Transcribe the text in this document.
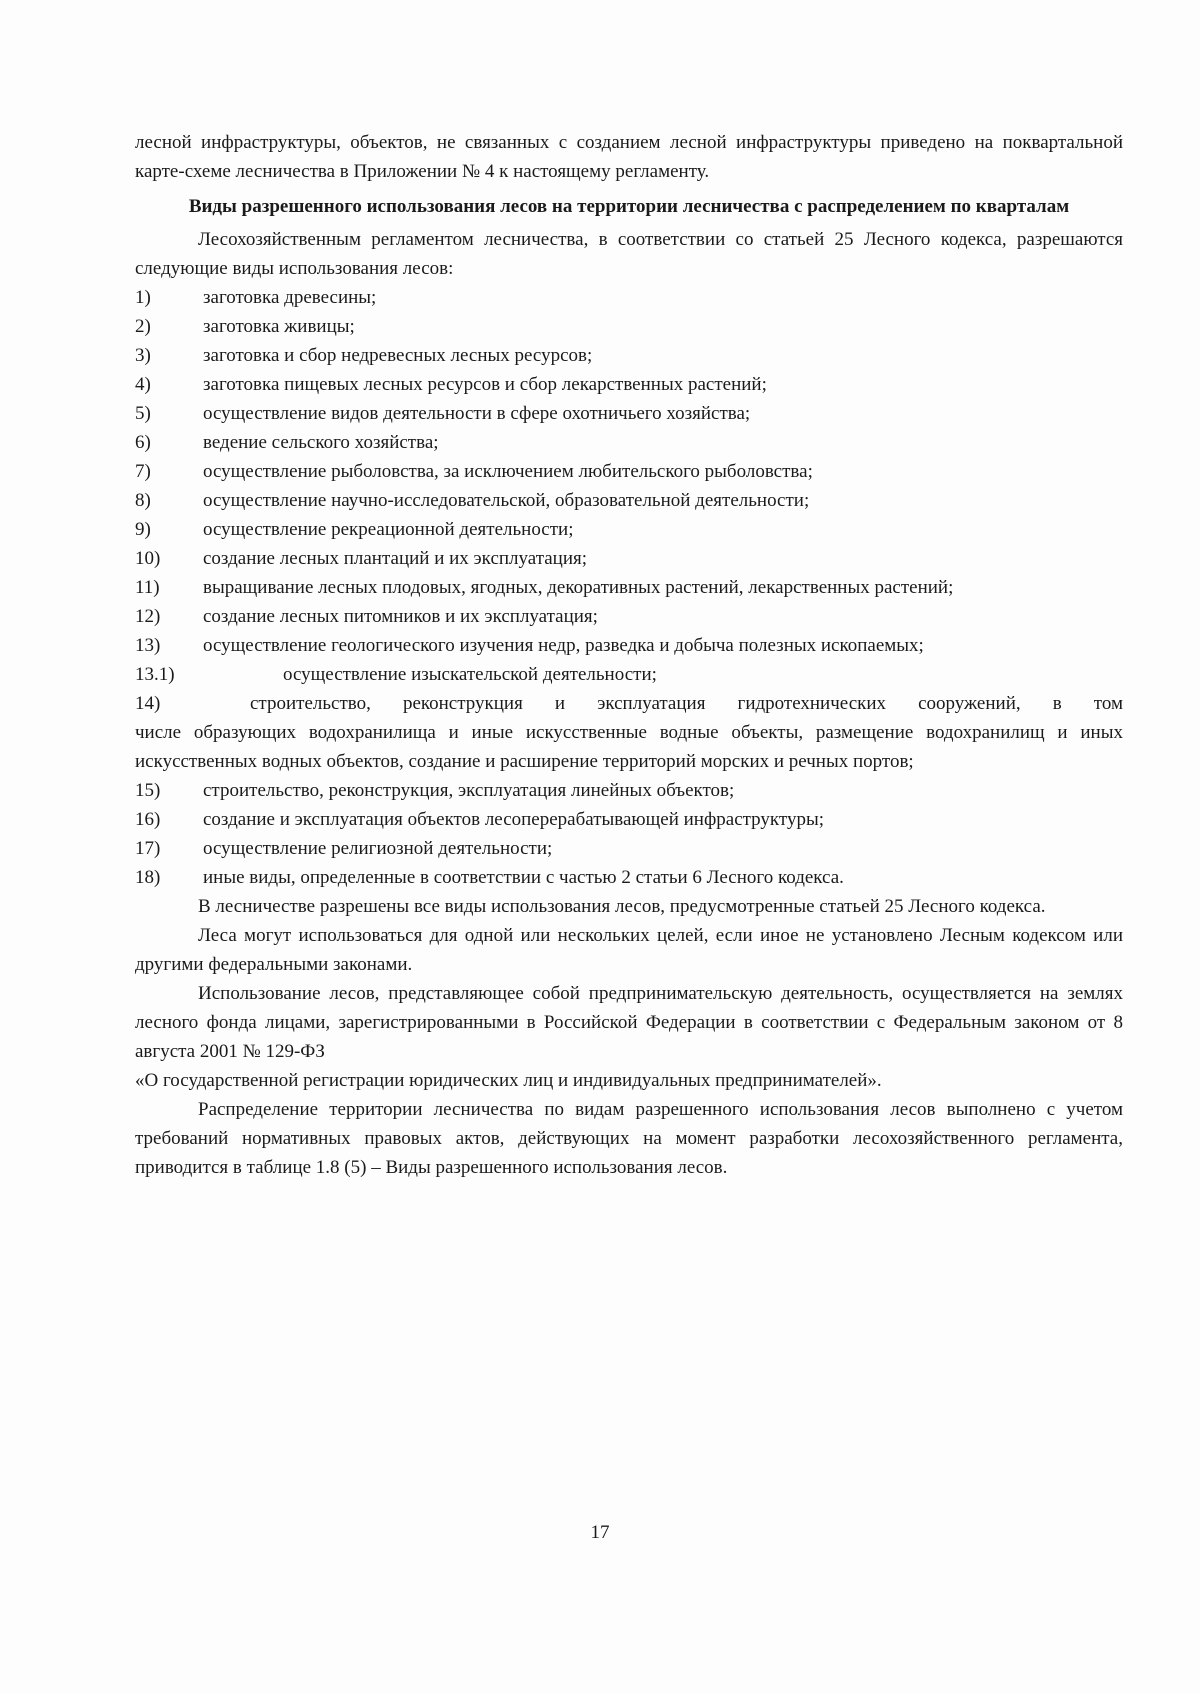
лесной инфраструктуры, объектов, не связанных с созданием лесной инфраструктуры приведено на поквартальной карте-схеме лесничества в Приложении № 4 к настоящему регламенту.

Виды разрешенного использования лесов на территории лесничества с распределением по кварталам

Лесохозяйственным регламентом лесничества, в соответствии со статьей 25 Лесного кодекса, разрешаются следующие виды использования лесов:

1)	заготовка древесины;
2)	заготовка живицы;
3)	заготовка и сбор недревесных лесных ресурсов;
4)	заготовка пищевых лесных ресурсов и сбор лекарственных растений;
5)	осуществление видов деятельности в сфере охотничьего хозяйства;
6)	ведение сельского хозяйства;
7)	осуществление рыболовства, за исключением любительского рыболовства;
8)	осуществление научно-исследовательской, образовательной деятельности;
9)	осуществление рекреационной деятельности;
10)	создание лесных плантаций и их эксплуатация;
11)	выращивание лесных плодовых, ягодных, декоративных растений, лекарственных растений;
12)	создание лесных питомников и их эксплуатация;
13)	осуществление геологического изучения недр, разведка и добыча полезных ископаемых;
13.1)	осуществление изыскательской деятельности;
14)	строительство, реконструкция и эксплуатация гидротехнических сооружений, в том

числе образующих водохранилища и иные искусственные водные объекты, размещение водохранилищ и иных искусственных водных объектов, создание и расширение территорий морских и речных портов;

15)	строительство, реконструкция, эксплуатация линейных объектов;
16)	создание и эксплуатация объектов лесоперерабатывающей инфраструктуры;
17)	осуществление религиозной деятельности;
18)	иные виды, определенные в соответствии с частью 2 статьи 6 Лесного кодекса.

В лесничестве разрешены все виды использования лесов, предусмотренные статьей 25 Лесного кодекса.

Леса могут использоваться для одной или нескольких целей, если иное не установлено Лесным кодексом или другими федеральными законами.

Использование лесов, представляющее собой предпринимательскую деятельность, осуществляется на землях лесного фонда лицами, зарегистрированными в Российской Федерации в соответствии с Федеральным законом от 8 августа 2001 № 129-ФЗ

«О государственной регистрации юридических лиц и индивидуальных предпринимателей».

Распределение территории лесничества по видам разрешенного использования лесов выполнено с учетом требований нормативных правовых актов, действующих на момент разработки лесохозяйственного регламента, приводится в таблице 1.8 (5) – Виды разрешенного использования лесов.

17
